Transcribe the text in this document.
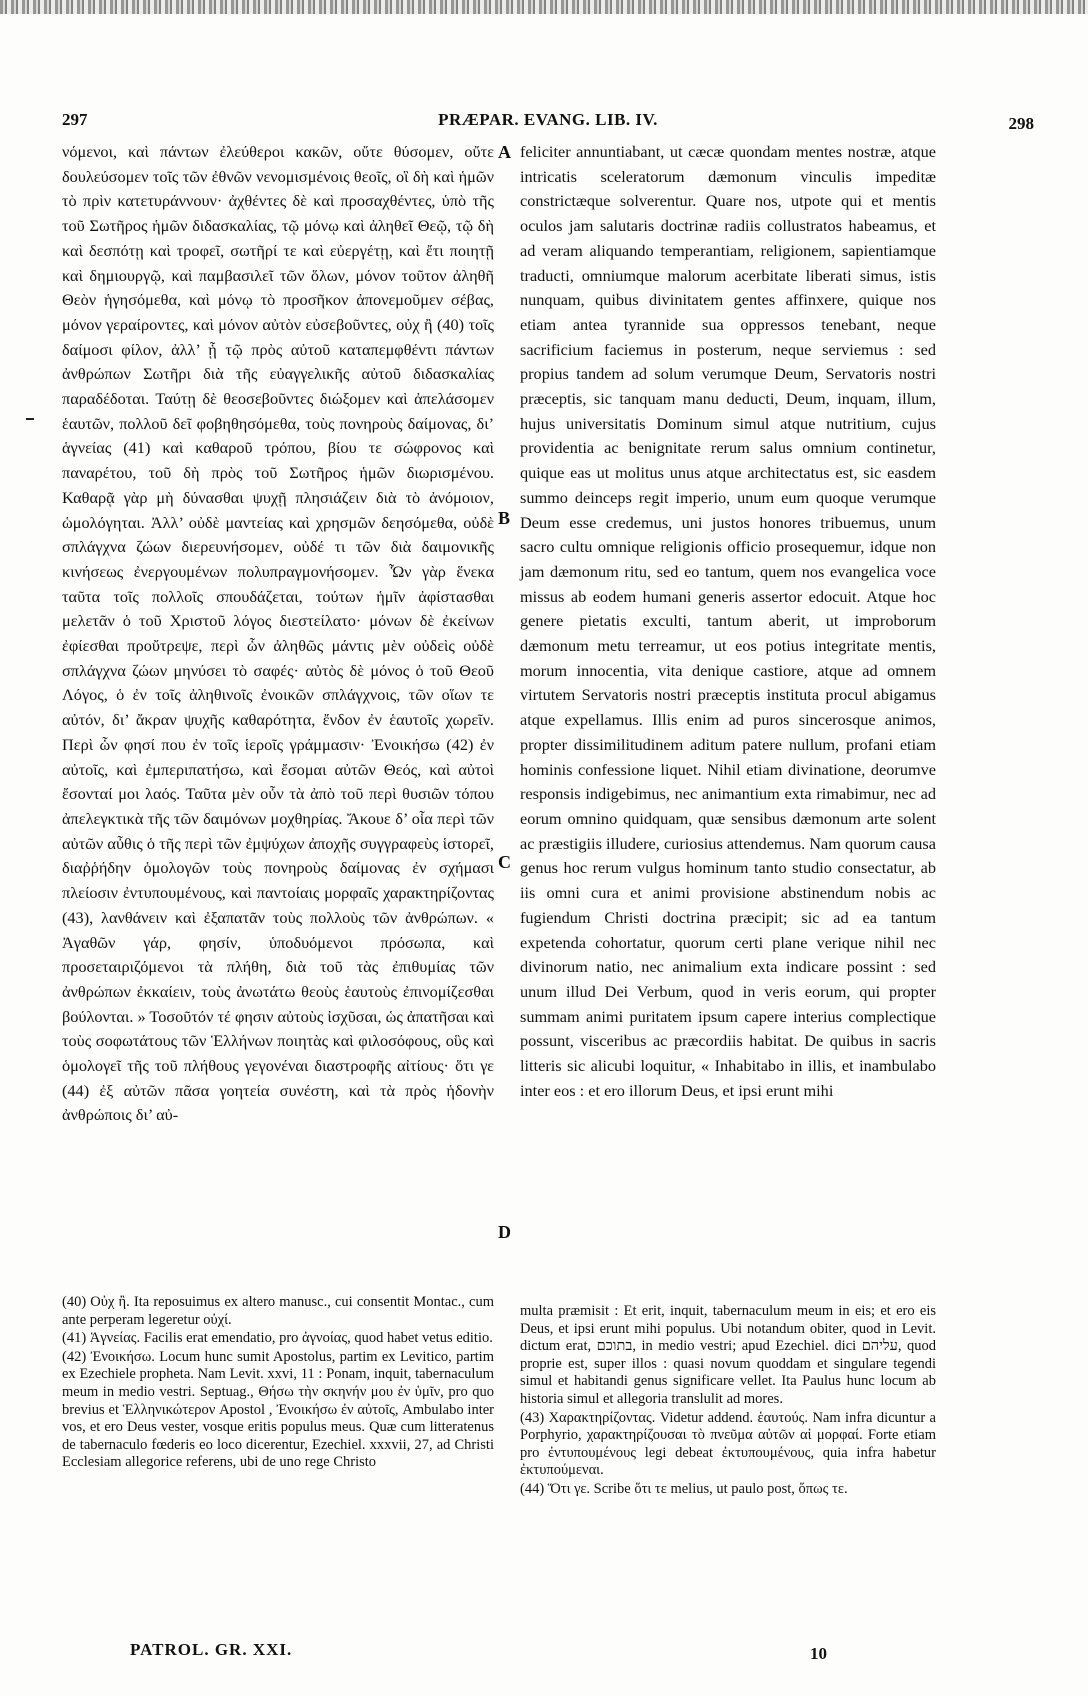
297	PRÆPAR. EVANG. LIB. IV.	298

νόμενοι, καὶ πάντων ἐλεύθεροι κακῶν, οὔτε θύσομεν, οὔτε δουλεύσομεν τοῖς τῶν ἐθνῶν νενομισμένοις θεοῖς, οἳ δὴ καὶ ἡμῶν τὸ πρὶν κατετυράννουν· ἀχθέντες δὲ καὶ προσαχθέντες, ὑπὸ τῆς τοῦ Σωτῆρος ἡμῶν διδασκαλίας, τῷ μόνῳ καὶ ἀληθεῖ Θεῷ, τῷ δὴ καὶ δεσπότῃ καὶ τροφεῖ, σωτῆρί τε καὶ εὐεργέτῃ, καὶ ἔτι ποιητῇ καὶ δημιουργῷ, καὶ παμβασιλεῖ τῶν ὅλων, μόνον τοῦτον ἀληθῆ Θεὸν ἡγησόμεθα, καὶ μόνῳ τὸ προσῆκον ἀπονεμοῦμεν σέβας, μόνον γεραίροντες, καὶ μόνον αὐτὸν εὐσεβοῦντες, οὐχ ἢ (40) τοῖς δαίμοσι φίλον, ἀλλ’ ᾗ τῷ πρὸς αὐτοῦ καταπεμφθέντι πάντων ἀνθρώπων Σωτῆρι διὰ τῆς εὐαγγελικῆς αὐτοῦ διδασκαλίας παραδέδοται. Ταύτῃ δὲ θεοσεβοῦντες διώξομεν καὶ ἀπελάσομεν ἑαυτῶν, πολλοῦ δεῖ φοβηθησόμεθα, τοὺς πονηροὺς δαίμονας, δι’ ἁγνείας (41) καὶ καθαροῦ τρόπου, βίου τε σώφρονος καὶ παναρέτου, τοῦ δὴ πρὸς τοῦ Σωτῆρος ἡμῶν διωρισμένου. Καθαρᾷ γὰρ μὴ δύνασθαι ψυχῇ πλησιάζειν διὰ τὸ ἀνόμοιον, ὡμολόγηται. Ἀλλ’ οὐδὲ μαντείας καὶ χρησμῶν δεησόμεθα, οὐδὲ σπλάγχνα ζώων διερευνήσομεν, οὐδέ τι τῶν διὰ δαιμονικῆς κινήσεως ἐνεργουμένων πολυπραγμονήσομεν. Ὧν γὰρ ἕνεκα ταῦτα τοῖς πολλοῖς σπουδάζεται, τούτων ἡμῖν ἀφίστασθαι μελετᾶν ὁ τοῦ Χριστοῦ λόγος διεστείλατο· μόνων δὲ ἐκείνων ἐφίεσθαι προὔτρεψε, περὶ ὧν ἀληθῶς μάντις μὲν οὐδεὶς οὐδὲ σπλάγχνα ζώων μηνύσει τὸ σαφές· αὐτὸς δὲ μόνος ὁ τοῦ Θεοῦ Λόγος, ὁ ἐν τοῖς ἀληθινοῖς ἐνοικῶν σπλάγχνοις, τῶν οἵων τε αὐτόν, δι’ ἄκραν ψυχῆς καθαρότητα, ἔνδον ἐν ἑαυτοῖς χωρεῖν. Περὶ ὧν φησί που ἐν τοῖς ἱεροῖς γράμμασιν· Ἐνοικήσω (42) ἐν αὐτοῖς, καὶ ἐμπεριπατήσω, καὶ ἔσομαι αὐτῶν Θεός, καὶ αὐτοὶ ἔσονταί μοι λαός. Ταῦτα μὲν οὖν τὰ ἀπὸ τοῦ περὶ θυσιῶν τόπου ἀπελεγκτικὰ τῆς τῶν δαιμόνων μοχθηρίας. Ἄκουε δ’ οἷα περὶ τῶν αὐτῶν αὖθις ὁ τῆς περὶ τῶν ἐμψύχων ἀποχῆς συγγραφεὺς ἱστορεῖ, διαῤῥήδην ὁμολογῶν τοὺς πονηροὺς δαίμονας ἐν σχήμασι πλείοσιν ἐντυπουμένους, καὶ παντοίαις μορφαῖς χαρακτηρίζοντας (43), λανθάνειν καὶ ἐξαπατᾶν τοὺς πολλοὺς τῶν ἀνθρώπων. « Ἀγαθῶν γάρ, φησίν, ὑποδυόμενοι πρόσωπα, καὶ προσεταιριζόμενοι τὰ πλήθη, διὰ τοῦ τὰς ἐπιθυμίας τῶν ἀνθρώπων ἐκκαίειν, τοὺς ἀνωτάτω θεοὺς ἑαυτοὺς ἐπινομίζεσθαι βούλονται. » Τοσοῦτόν τέ φησιν αὐτοὺς ἰσχῦσαι, ὡς ἀπατῆσαι καὶ τοὺς σοφωτάτους τῶν Ἑλλήνων ποιητὰς καὶ φιλοσόφους, οὓς καὶ ὁμολογεῖ τῆς τοῦ πλήθους γεγονέναι διαστροφῆς αἰτίους· ὅτι γε (44) ἐξ αὐτῶν πᾶσα γοητεία συνέστη, καὶ τὰ πρὸς ἡδονὴν ἀνθρώποις δι’ αὐ-

A
B
C
D

feliciter annuntiabant, ut cæcæ quondam mentes nostræ, atque intricatis sceleratorum dæmonum vinculis impeditæ constrictæque solverentur. Quare nos, utpote qui et mentis oculos jam salutaris doctrinæ radiis collustratos habeamus, et ad veram aliquando temperantiam, religionem, sapientiamque traducti, omniumque malorum acerbitate liberati simus, istis nunquam, quibus divinitatem gentes affinxere, quique nos etiam antea tyrannide sua oppressos tenebant, neque sacrificium faciemus in posterum, neque serviemus : sed propius tandem ad solum verumque Deum, Servatoris nostri præceptis, sic tanquam manu deducti, Deum, inquam, illum, hujus universitatis Dominum simul atque nutritium, cujus providentia ac benignitate rerum salus omnium continetur, quique eas ut molitus unus atque architectatus est, sic easdem summo deinceps regit imperio, unum eum quoque verumque Deum esse credemus, uni justos honores tribuemus, unum sacro cultu omnique religionis officio prosequemur, idque non jam dæmonum ritu, sed eo tantum, quem nos evangelica voce missus ab eodem humani generis assertor edocuit. Atque hoc genere pietatis exculti, tantum aberit, ut improborum dæmonum metu terreamur, ut eos potius integritate mentis, morum innocentia, vita denique castiore, atque ad omnem virtutem Servatoris nostri præceptis instituta procul abigamus atque expellamus. Illis enim ad puros sincerosque animos, propter dissimilitudinem aditum patere nullum, profani etiam hominis confessione liquet. Nihil etiam divinatione, deorumve responsis indigebimus, nec animantium exta rimabimur, nec ad eorum omnino quidquam, quæ sensibus dæmonum arte solent ac præstigiis illudere, curiosius attendemus. Nam quorum causa genus hoc rerum vulgus hominum tanto studio consectatur, ab iis omni cura et animi provisione abstinendum nobis ac fugiendum Christi doctrina præcipit; sic ad ea tantum expetenda cohortatur, quorum certi plane verique nihil nec divinorum natio, nec animalium exta indicare possint : sed unum illud Dei Verbum, quod in veris eorum, qui propter summam animi puritatem ipsum capere interius complectique possunt, visceribus ac præcordiis habitat. De quibus in sacris litteris sic alicubi loquitur, « Inhabitabo in illis, et inambulabo inter eos : et ero illorum Deus, et ipsi erunt mihi

(40) Οὐχ ἢ. Ita reposuimus ex altero manusc., cui consentit Montac., cum ante perperam legeretur οὐχί.

(41) Ἁγνείας. Facilis erat emendatio, pro ἀγνοίας, quod habet vetus editio.

(42) Ἐνοικήσω. Locum hunc sumit Apostolus, partim ex Levitico, partim ex Ezechiele propheta. Nam Levit. xxvi, 11 : Ponam, inquit, tabernaculum meum in medio vestri. Septuag., Θήσω τὴν σκηνήν μου ἐν ὑμῖν, pro quo brevius et Ἑλληνικώτερον Apostol , Ἐνοικήσω ἐν αὐτοῖς, Ambulabo inter vos, et ero Deus vester, vosque eritis populus meus. Quæ cum litteratenus de tabernaculo fœderis eo loco dicerentur, Ezechiel. xxxvii, 27, ad Christi Ecclesiam allegorice referens, ubi de uno rege Christo

multa præmisit : Et erit, inquit, tabernaculum meum in eis; et ero eis Deus, et ipsi erunt mihi populus. Ubi notandum obiter, quod in Levit. dictum erat, בתוכם, in medio vestri; apud Ezechiel. dici עליהם, quod proprie est, super illos : quasi novum quoddam et singulare tegendi simul et habitandi genus significare vellet. Ita Paulus hunc locum ab historia simul et allegoria translulit ad mores.

(43) Χαρακτηρίζοντας. Videtur addend. ἑαυτούς. Nam infra dicuntur a Porphyrio, χαρακτηρίζουσαι τὸ πνεῦμα αὐτῶν αἱ μορφαί. Forte etiam pro ἐντυπουμένους legi debeat ἐκτυπουμένους, quia infra habetur ἐκτυπούμεναι.

(44) Ὅτι γε. Scribe ὅτι τε melius, ut paulo post, ὅπως τε.

PATROL. GR. XXI.	10
